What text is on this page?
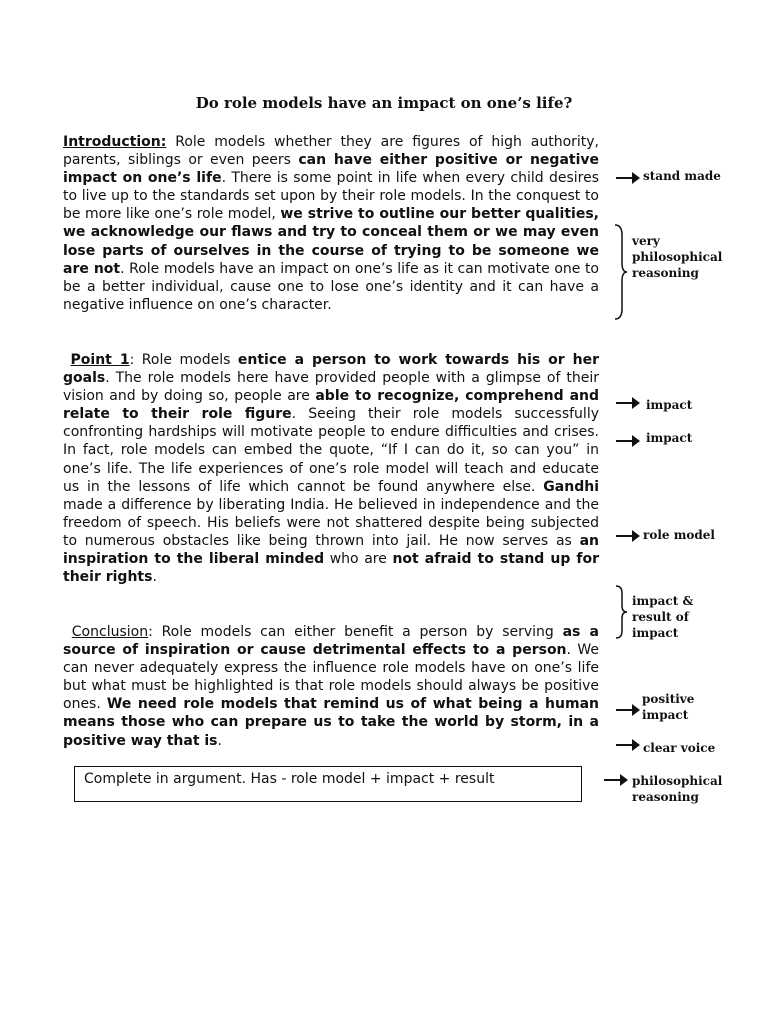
Do role models have an impact on one’s life?

Introduction: Role models whether they are figures of high authority, parents, siblings or even peers can have either positive or negative impact on one’s life. There is some point in life when every child desires to live up to the standards set upon by their role models. In the conquest to be more like one’s role model, we strive to outline our better qualities, we acknowledge our flaws and try to conceal them or we may even lose parts of ourselves in the course of trying to be someone we are not. Role models have an impact on one’s life as it can motivate one to be a better individual, cause one to lose one’s identity and it can have a negative influence on one’s character.

Point 1: Role models entice a person to work towards his or her goals. The role models here have provided people with a glimpse of their vision and by doing so, people are able to recognize, comprehend and relate to their role figure. Seeing their role models successfully confronting hardships will motivate people to endure difficulties and crises. In fact, role models can embed the quote, “If I can do it, so can you” in one’s life. The life experiences of one’s role model will teach and educate us in the lessons of life which cannot be found anywhere else. Gandhi made a difference by liberating India. He believed in independence and the freedom of speech. His beliefs were not shattered despite being subjected to numerous obstacles like being thrown into jail. He now serves as an inspiration to the liberal minded who are not afraid to stand up for their rights.

Conclusion: Role models can either benefit a person by serving as a source of inspiration or cause detrimental effects to a person. We can never adequately express the influence role models have on one’s life but what must be highlighted is that role models should always be positive ones. We need role models that remind us of what being a human means those who can prepare us to take the world by storm, in a positive way that is.

Complete in argument. Has - role model + impact + result
stand made
very
philosophical
reasoning
impact
impact
role model
impact &
result of
impact
positive
impact
clear voice
philosophical
reasoning
